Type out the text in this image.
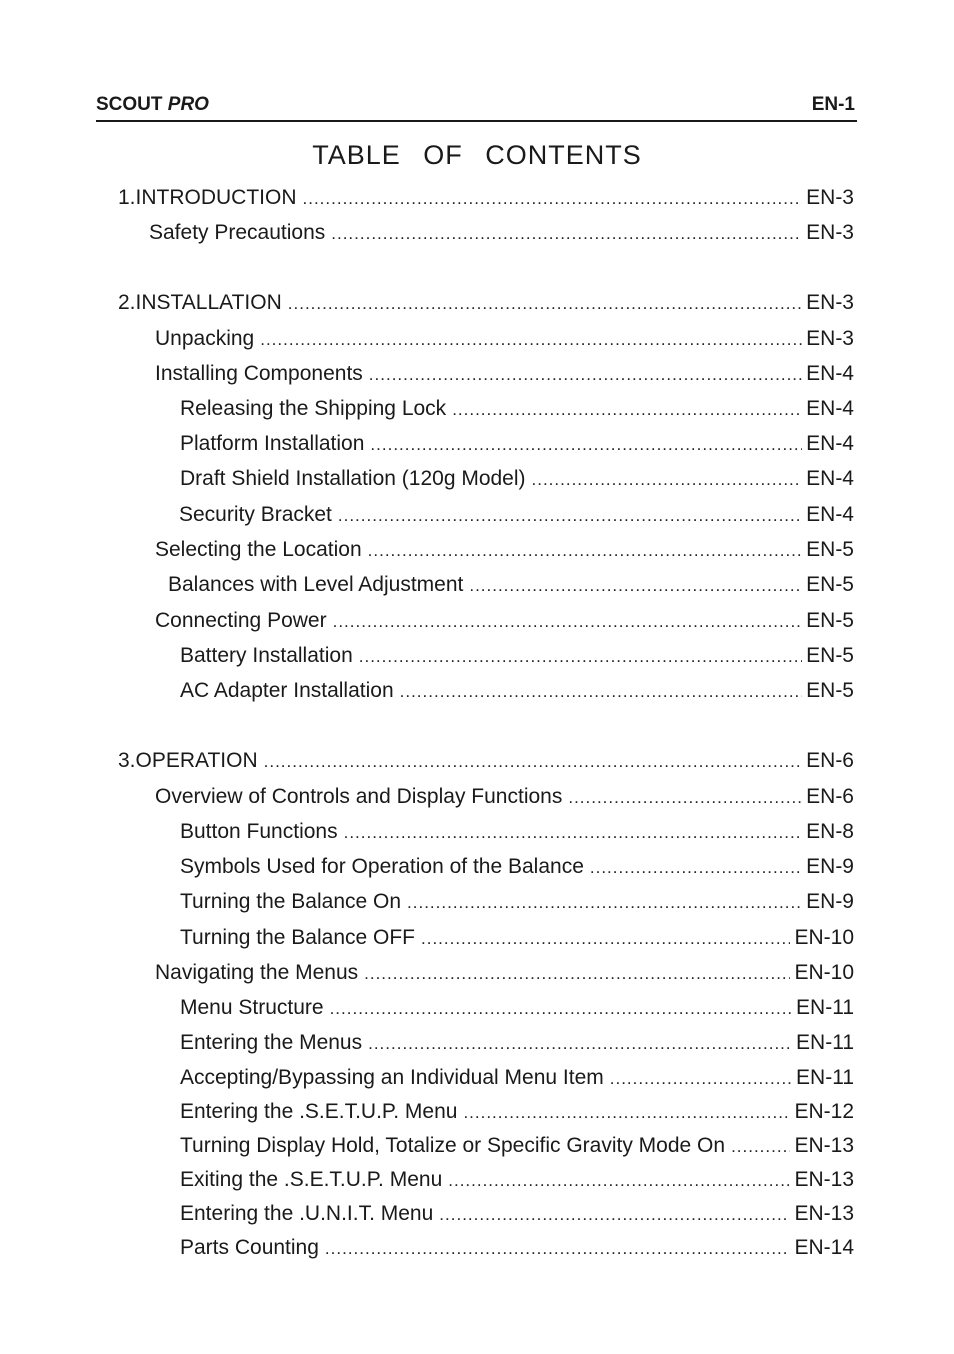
SCOUT PRO	EN-1
TABLE OF CONTENTS
1. INTRODUCTION .....	EN-3
Safety Precautions .....	EN-3
2. INSTALLATION .....	EN-3
Unpacking .....	EN-3
Installing Components .....	EN-4
Releasing the Shipping Lock .....	EN-4
Platform Installation .....	EN-4
Draft Shield Installation (120g Model) .....	EN-4
Security Bracket .....	EN-4
Selecting the Location .....	EN-5
Balances with Level Adjustment .....	EN-5
Connecting Power .....	EN-5
Battery Installation .....	EN-5
AC Adapter Installation .....	EN-5
3. OPERATION .....	EN-6
Overview of Controls and Display Functions .....	EN-6
Button Functions .....	EN-8
Symbols Used for Operation of the Balance .....	EN-9
Turning the Balance On .....	EN-9
Turning the Balance OFF .....	EN-10
Navigating the Menus .....	EN-10
Menu Structure .....	EN-11
Entering the Menus .....	EN-11
Accepting/Bypassing an Individual Menu Item .....	EN-11
Entering the .S.E.T.U.P. Menu .....	EN-12
Turning Display Hold, Totalize or Specific Gravity Mode On .....	EN-13
Exiting the .S.E.T.U.P. Menu .....	EN-13
Entering the .U.N.I.T. Menu .....	EN-13
Parts Counting .....	EN-14
